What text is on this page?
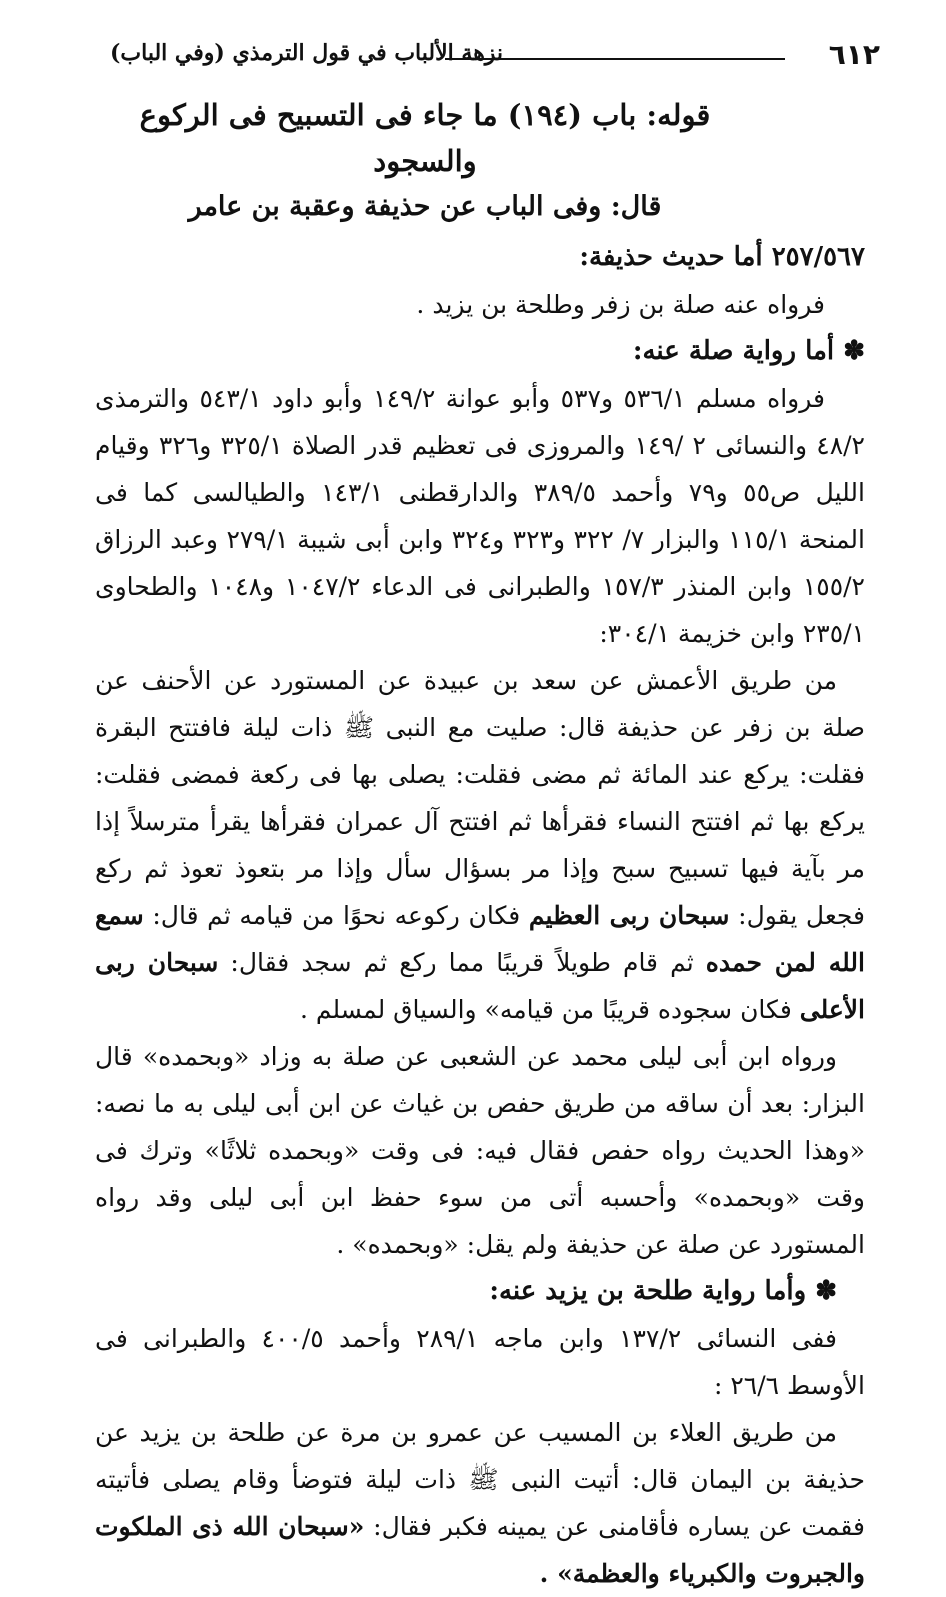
٦١٢
نزهة الألباب في قول الترمذي (وفي الباب)

قوله: باب (١٩٤) ما جاء فى التسبيح فى الركوع والسجود

قال: وفى الباب عن حذيفة وعقبة بن عامر

٢٥٧/٥٦٧ أما حديث حذيفة:

فرواه عنه صلة بن زفر وطلحة بن يزيد .

✽ أما رواية صلة عنه:

فرواه مسلم ٥٣٦/١ و٥٣٧ وأبو عوانة ١٤٩/٢ وأبو داود ٥٤٣/١ والترمذى ٤٨/٢ والنسائى ٢ /١٤٩ والمروزى فى تعظيم قدر الصلاة ٣٢٥/١ و٣٢٦ وقيام الليل ص٥٥ و٧٩ وأحمد ٣٨٩/٥ والدارقطنى ١٤٣/١ والطيالسى كما فى المنحة ١١٥/١ والبزار ٧/ ٣٢٢ و٣٢٣ و٣٢٤ وابن أبى شيبة ٢٧٩/١ وعبد الرزاق ١٥٥/٢ وابن المنذر ١٥٧/٣ والطبرانى فى الدعاء ١٠٤٧/٢ و١٠٤٨ والطحاوى ٢٣٥/١ وابن خزيمة ٣٠٤/١:

من طريق الأعمش عن سعد بن عبيدة عن المستورد عن الأحنف عن صلة بن زفر عن حذيفة قال: صليت مع النبى ﷺ ذات ليلة فافتتح البقرة فقلت: يركع عند المائة ثم مضى فقلت: يصلى بها فى ركعة فمضى فقلت: يركع بها ثم افتتح النساء فقرأها ثم افتتح آل عمران فقرأها يقرأ مترسلاً إذا مر بآية فيها تسبيح سبح وإذا مر بسؤال سأل وإذا مر بتعوذ تعوذ ثم ركع فجعل يقول: سبحان ربى العظيم فكان ركوعه نحوًا من قيامه ثم قال: سمع الله لمن حمده ثم قام طويلاً قريبًا مما ركع ثم سجد فقال: سبحان ربى الأعلى فكان سجوده قريبًا من قيامه» والسياق لمسلم .

ورواه ابن أبى ليلى محمد عن الشعبى عن صلة به وزاد «وبحمده» قال البزار: بعد أن ساقه من طريق حفص بن غياث عن ابن أبى ليلى به ما نصه: «وهذا الحديث رواه حفص فقال فيه: فى وقت «وبحمده ثلاثًا» وترك فى وقت «وبحمده» وأحسبه أتى من سوء حفظ ابن أبى ليلى وقد رواه المستورد عن صلة عن حذيفة ولم يقل: «وبحمده» .

✽ وأما رواية طلحة بن يزيد عنه:

ففى النسائى ١٣٧/٢ وابن ماجه ٢٨٩/١ وأحمد ٤٠٠/٥ والطبرانى فى الأوسط ٢٦/٦ :

من طريق العلاء بن المسيب عن عمرو بن مرة عن طلحة بن يزيد عن حذيفة بن اليمان قال: أتيت النبى ﷺ ذات ليلة فتوضأ وقام يصلى فأتيته فقمت عن يساره فأقامنى عن يمينه فكبر فقال: «سبحان الله ذى الملكوت والجبروت والكبرياء والعظمة» .
